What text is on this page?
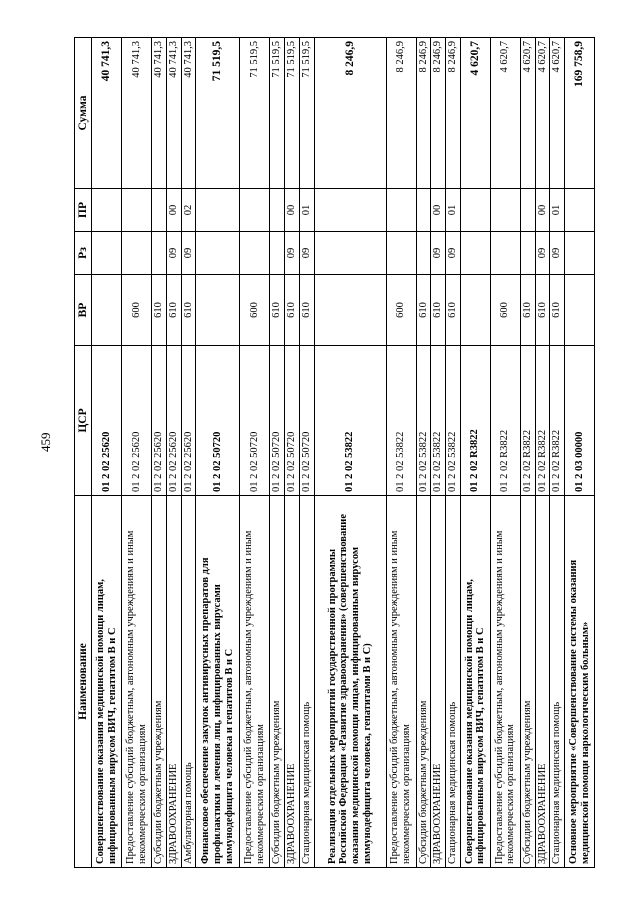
459
Наименование	ЦСР	ВР	Рз	ПР	Сумма
Совершенствование оказания медицинской помощи лицам, инфицированным вирусом ВИЧ, гепатитом В и С	01 2 02 25620				40 741,3
Предоставление субсидий бюджетным, автономным учреждениям и иным некоммерческим организациям	01 2 02 25620	600			40 741,3
Субсидии бюджетным учреждениям	01 2 02 25620	610			40 741,3
ЗДРАВООХРАНЕНИЕ	01 2 02 25620	610	09	00	40 741,3
Амбулаторная помощь	01 2 02 25620	610	09	02	40 741,3
Финансовое обеспечение закупок антивирусных препаратов для профилактики и лечения лиц, инфицированных вирусами иммунодефицита человека и гепатитов В и С	01 2 02 50720				71 519,5
Предоставление субсидий бюджетным, автономным учреждениям и иным некоммерческим организациям	01 2 02 50720	600			71 519,5
Субсидии бюджетным учреждениям	01 2 02 50720	610			71 519,5
ЗДРАВООХРАНЕНИЕ	01 2 02 50720	610	09	00	71 519,5
Стационарная медицинская помощь	01 2 02 50720	610	09	01	71 519,5
Реализация отдельных мероприятий государственной программы Российской Федерации «Развитие здравоохранения» (совершенствование оказания медицинской помощи лицам, инфицированным вирусом иммунодефицита человека, гепатитами В и С)	01 2 02 53822				8 246,9
Предоставление субсидий бюджетным, автономным учреждениям и иным некоммерческим организациям	01 2 02 53822	600			8 246,9
Субсидии бюджетным учреждениям	01 2 02 53822	610			8 246,9
ЗДРАВООХРАНЕНИЕ	01 2 02 53822	610	09	00	8 246,9
Стационарная медицинская помощь	01 2 02 53822	610	09	01	8 246,9
Совершенствование оказания медицинской помощи лицам, инфицированным вирусом ВИЧ, гепатитом В и С	01 2 02 R3822				4 620,7
Предоставление субсидий бюджетным, автономным учреждениям и иным некоммерческим организациям	01 2 02 R3822	600			4 620,7
Субсидии бюджетным учреждениям	01 2 02 R3822	610			4 620,7
ЗДРАВООХРАНЕНИЕ	01 2 02 R3822	610	09	00	4 620,7
Стационарная медицинская помощь	01 2 02 R3822	610	09	01	4 620,7
Основное мероприятие «Совершенствование системы оказания медицинской помощи наркологическим больным»	01 2 03 00000				169 758,9
